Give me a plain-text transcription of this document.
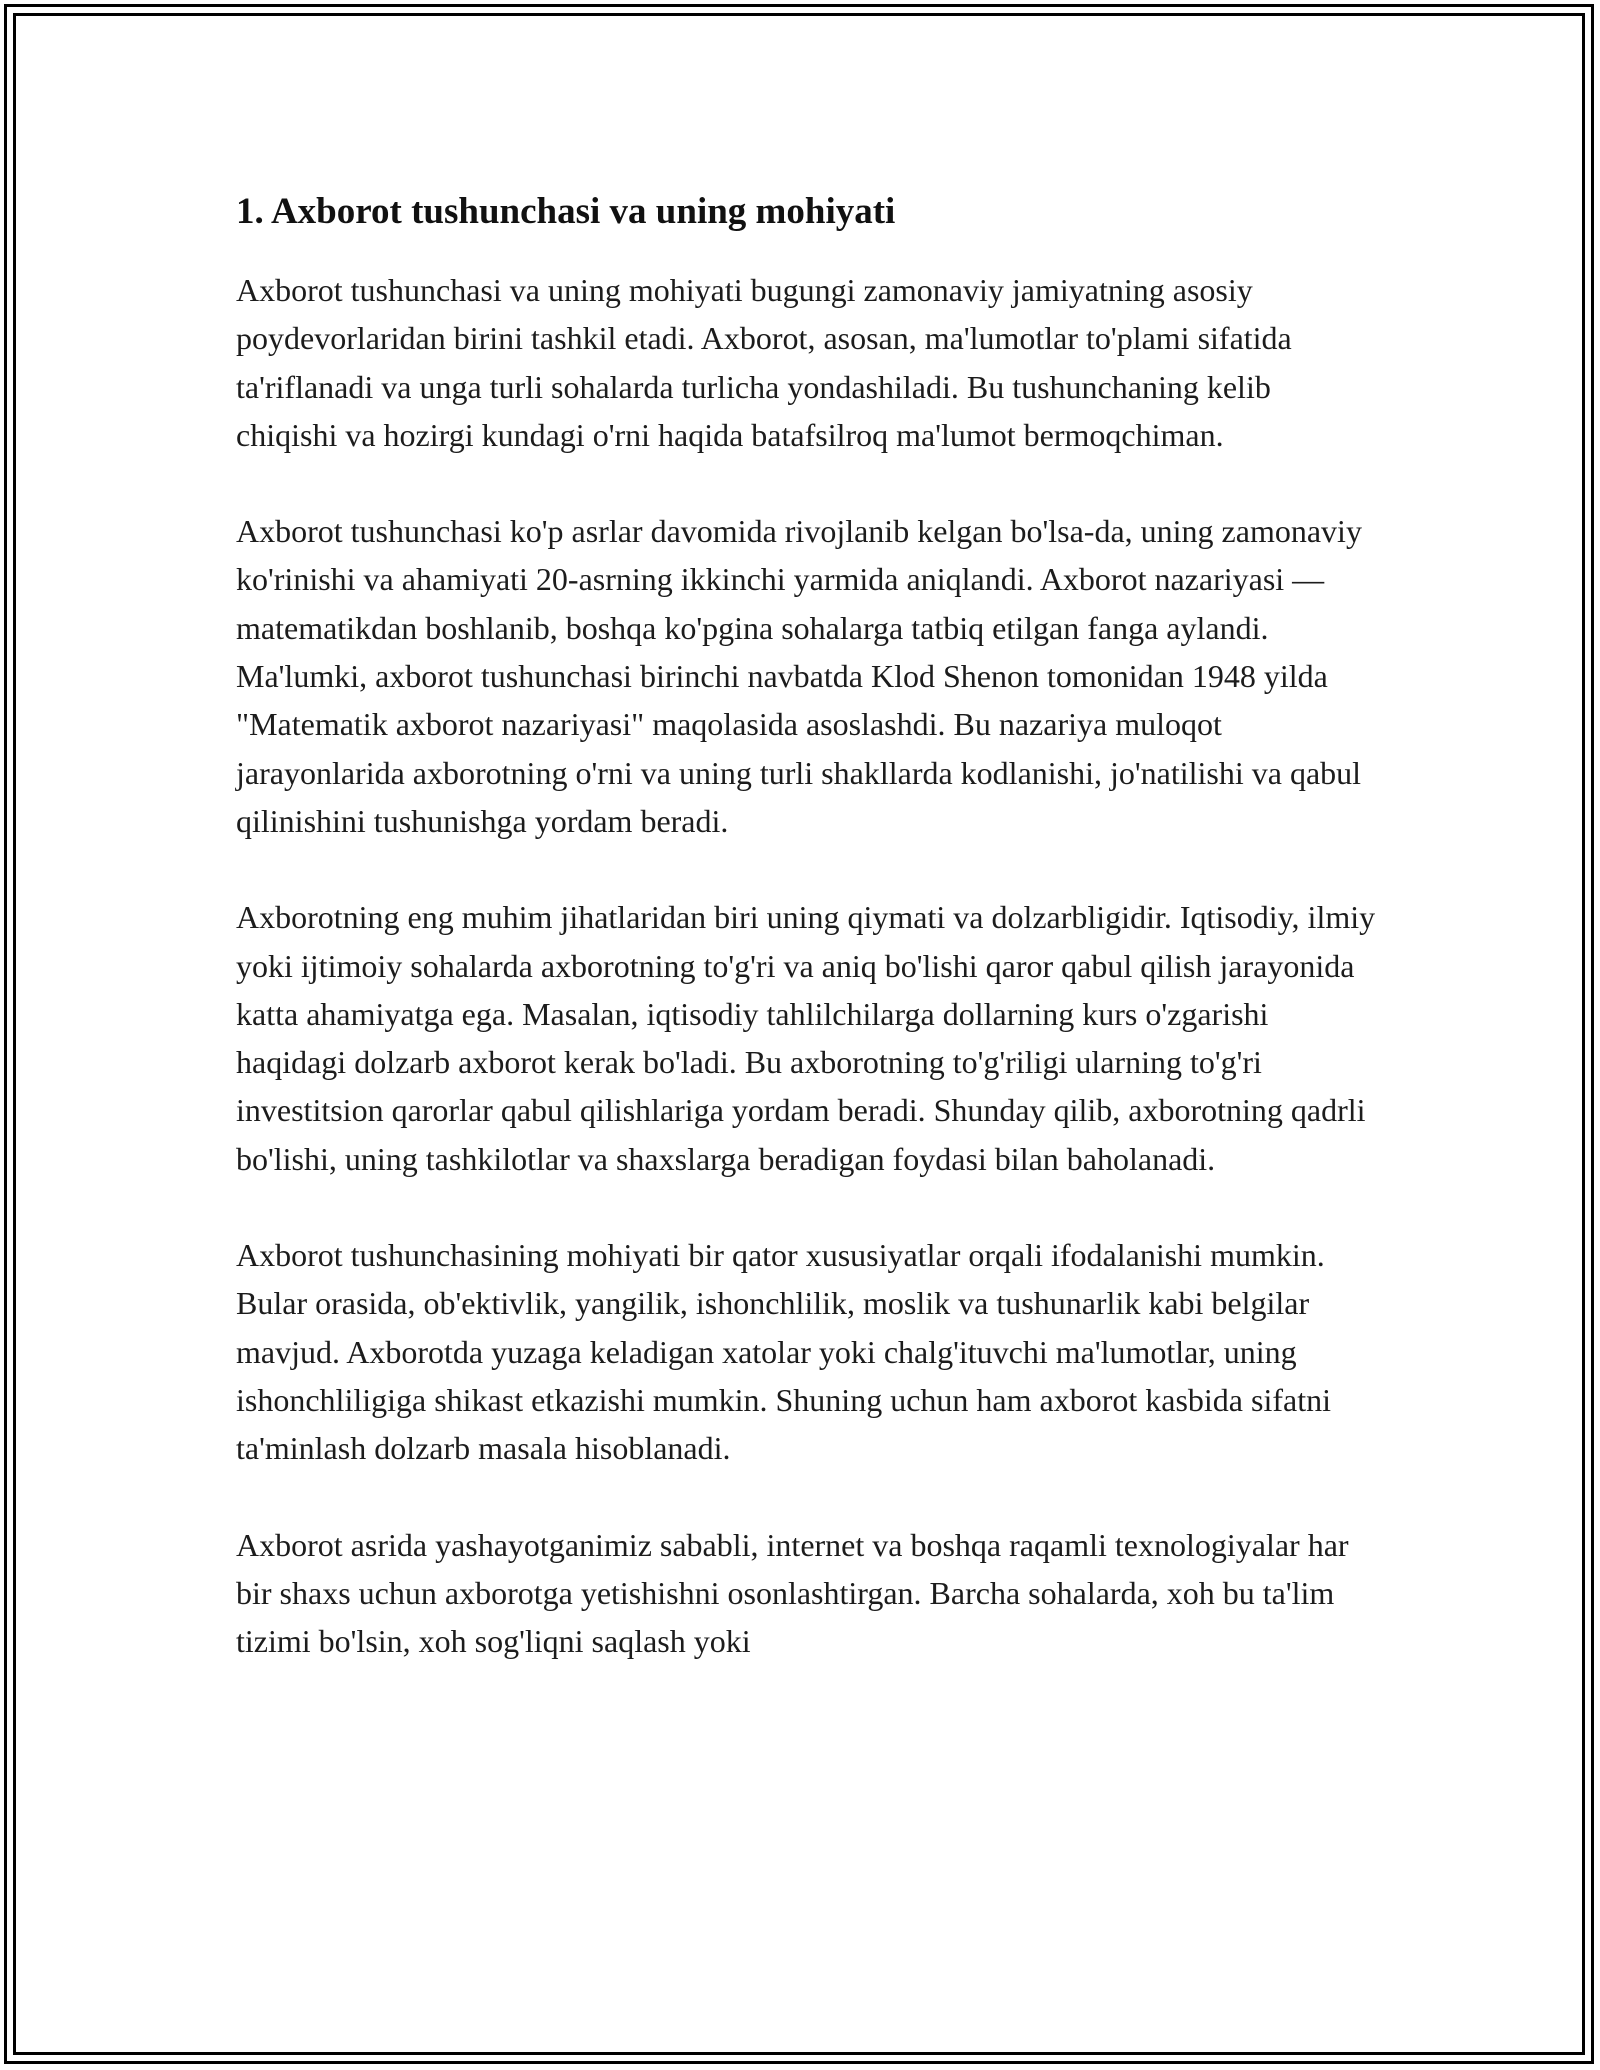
1. Axborot tushunchasi va uning mohiyati

Axborot tushunchasi va uning mohiyati bugungi zamonaviy jamiyatning asosiy poydevorlaridan birini tashkil etadi. Axborot, asosan, ma'lumotlar to'plami sifatida ta'riflanadi va unga turli sohalarda turlicha yondashiladi. Bu tushunchaning kelib chiqishi va hozirgi kundagi o'rni haqida batafsilroq ma'lumot bermoqchiman.

Axborot tushunchasi ko'p asrlar davomida rivojlanib kelgan bo'lsa-da, uning zamonaviy ko'rinishi va ahamiyati 20-asrning ikkinchi yarmida aniqlandi. Axborot nazariyasi — matematikdan boshlanib, boshqa ko'pgina sohalarga tatbiq etilgan fanga aylandi. Ma'lumki, axborot tushunchasi birinchi navbatda Klod Shenon tomonidan 1948 yilda "Matematik axborot nazariyasi" maqolasida asoslashdi. Bu nazariya muloqot jarayonlarida axborotning o'rni va uning turli shakllarda kodlanishi, jo'natilishi va qabul qilinishini tushunishga yordam beradi.

Axborotning eng muhim jihatlaridan biri uning qiymati va dolzarbligidir. Iqtisodiy, ilmiy yoki ijtimoiy sohalarda axborotning to'g'ri va aniq bo'lishi qaror qabul qilish jarayonida katta ahamiyatga ega. Masalan, iqtisodiy tahlilchilarga dollarning kurs o'zgarishi haqidagi dolzarb axborot kerak bo'ladi. Bu axborotning to'g'riligi ularning to'g'ri investitsion qarorlar qabul qilishlariga yordam beradi. Shunday qilib, axborotning qadrli bo'lishi, uning tashkilotlar va shaxslarga beradigan foydasi bilan baholanadi.

Axborot tushunchasining mohiyati bir qator xususiyatlar orqali ifodalanishi mumkin. Bular orasida, ob'ektivlik, yangilik, ishonchlilik, moslik va tushunarlik kabi belgilar mavjud. Axborotda yuzaga keladigan xatolar yoki chalg'ituvchi ma'lumotlar, uning ishonchliligiga shikast etkazishi mumkin. Shuning uchun ham axborot kasbida sifatni ta'minlash dolzarb masala hisoblanadi.

Axborot asrida yashayotganimiz sababli, internet va boshqa raqamli texnologiyalar har bir shaxs uchun axborotga yetishishni osonlashtirgan. Barcha sohalarda, xoh bu ta'lim tizimi bo'lsin, xoh sog'liqni saqlash yoki
